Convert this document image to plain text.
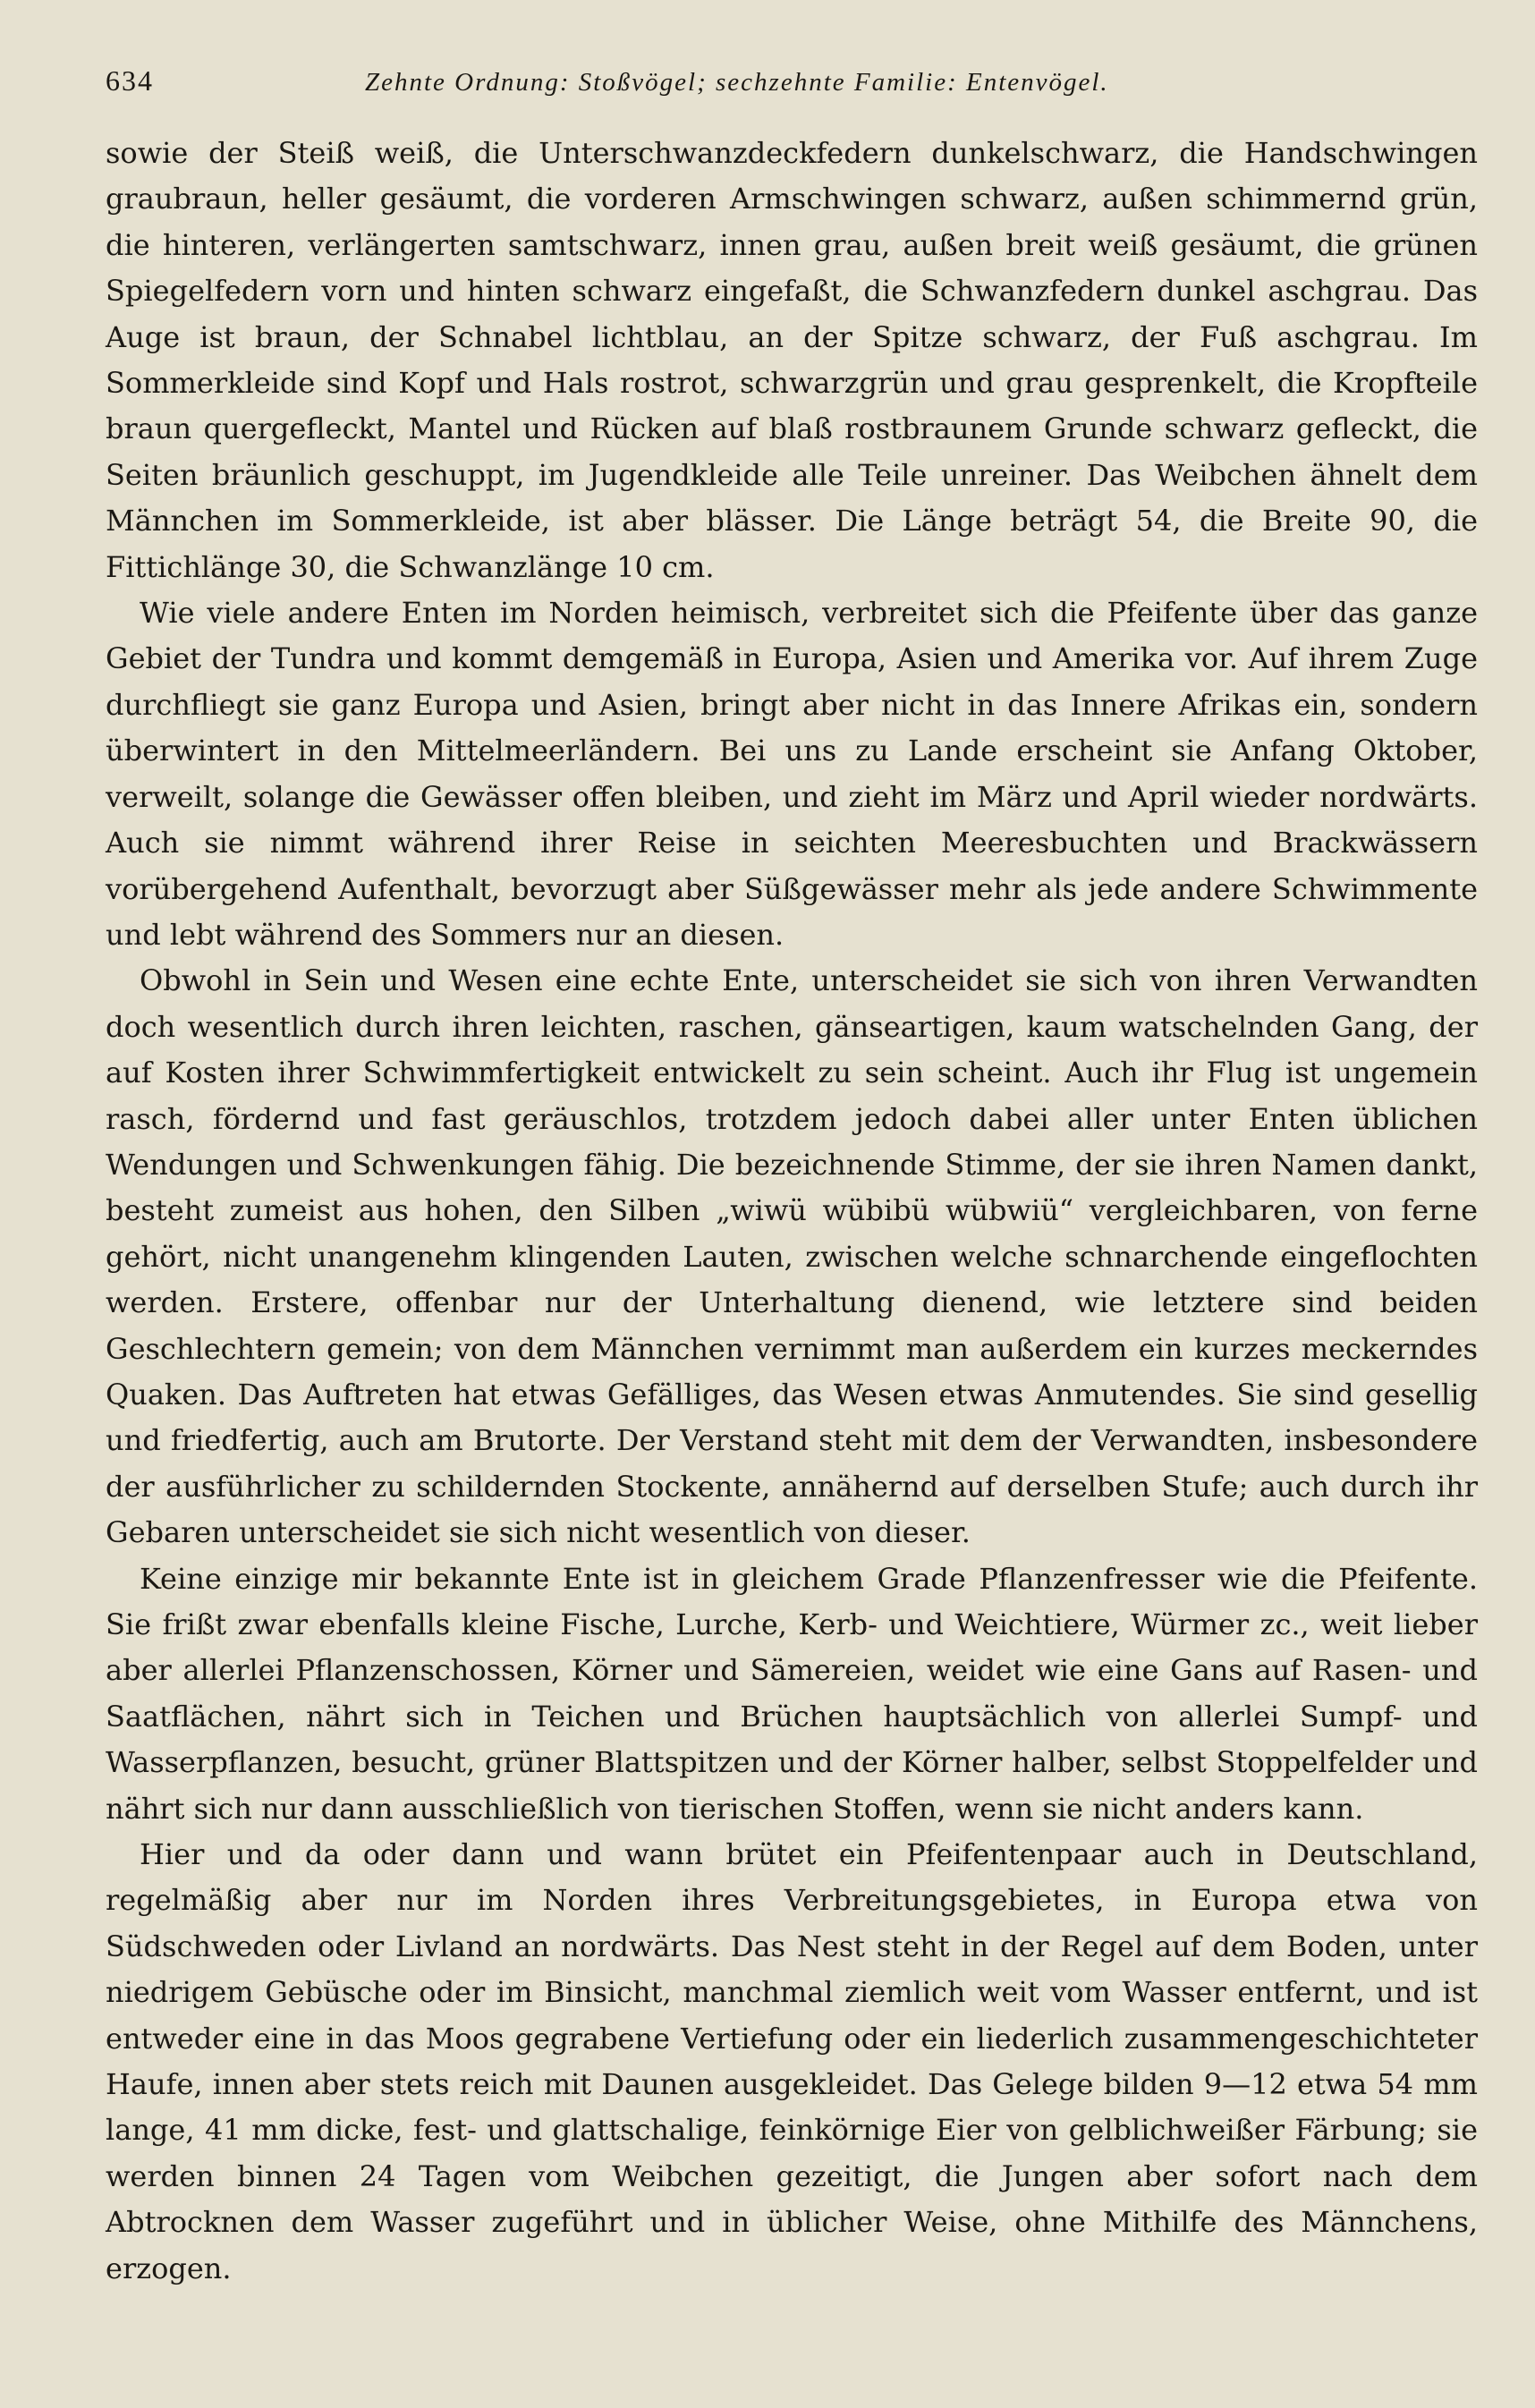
634	Zehnte Ordnung: Stoßvögel; sechzehnte Familie: Entenvögel.

sowie der Steiß weiß, die Unterschwanzdeckfedern dunkelschwarz, die Handschwingen graubraun, heller gesäumt, die vorderen Armschwingen schwarz, außen schimmernd grün, die hinteren, verlängerten samtschwarz, innen grau, außen breit weiß gesäumt, die grünen Spiegelfedern vorn und hinten schwarz eingefaßt, die Schwanzfedern dunkel aschgrau. Das Auge ist braun, der Schnabel lichtblau, an der Spitze schwarz, der Fuß aschgrau. Im Sommerkleide sind Kopf und Hals rostrot, schwarzgrün und grau gesprenkelt, die Kropfteile braun quergefleckt, Mantel und Rücken auf blaß rostbraunem Grunde schwarz gefleckt, die Seiten bräunlich geschuppt, im Jugendkleide alle Teile unreiner. Das Weibchen ähnelt dem Männchen im Sommerkleide, ist aber blässer. Die Länge beträgt 54, die Breite 90, die Fittichlänge 30, die Schwanzlänge 10 cm.

Wie viele andere Enten im Norden heimisch, verbreitet sich die Pfeifente über das ganze Gebiet der Tundra und kommt demgemäß in Europa, Asien und Amerika vor. Auf ihrem Zuge durchfliegt sie ganz Europa und Asien, bringt aber nicht in das Innere Afrikas ein, sondern überwintert in den Mittelmeerländern. Bei uns zu Lande erscheint sie Anfang Oktober, verweilt, solange die Gewässer offen bleiben, und zieht im März und April wieder nordwärts. Auch sie nimmt während ihrer Reise in seichten Meeresbuchten und Brackwässern vorübergehend Aufenthalt, bevorzugt aber Süßgewässer mehr als jede andere Schwimmente und lebt während des Sommers nur an diesen.

Obwohl in Sein und Wesen eine echte Ente, unterscheidet sie sich von ihren Verwandten doch wesentlich durch ihren leichten, raschen, gänseartigen, kaum watschelnden Gang, der auf Kosten ihrer Schwimmfertigkeit entwickelt zu sein scheint. Auch ihr Flug ist ungemein rasch, fördernd und fast geräuschlos, trotzdem jedoch dabei aller unter Enten üblichen Wendungen und Schwenkungen fähig. Die bezeichnende Stimme, der sie ihren Namen dankt, besteht zumeist aus hohen, den Silben „wiwü wübibü wübwiü“ vergleichbaren, von ferne gehört, nicht unangenehm klingenden Lauten, zwischen welche schnarchende eingeflochten werden. Erstere, offenbar nur der Unterhaltung dienend, wie letztere sind beiden Geschlechtern gemein; von dem Männchen vernimmt man außerdem ein kurzes meckerndes Quaken. Das Auftreten hat etwas Gefälliges, das Wesen etwas Anmutendes. Sie sind gesellig und friedfertig, auch am Brutorte. Der Verstand steht mit dem der Verwandten, insbesondere der ausführlicher zu schildernden Stockente, annähernd auf derselben Stufe; auch durch ihr Gebaren unterscheidet sie sich nicht wesentlich von dieser.

Keine einzige mir bekannte Ente ist in gleichem Grade Pflanzenfresser wie die Pfeifente. Sie frißt zwar ebenfalls kleine Fische, Lurche, Kerb- und Weichtiere, Würmer zc., weit lieber aber allerlei Pflanzenschossen, Körner und Sämereien, weidet wie eine Gans auf Rasen- und Saatflächen, nährt sich in Teichen und Brüchen hauptsächlich von allerlei Sumpf- und Wasserpflanzen, besucht, grüner Blattspitzen und der Körner halber, selbst Stoppelfelder und nährt sich nur dann ausschließlich von tierischen Stoffen, wenn sie nicht anders kann.

Hier und da oder dann und wann brütet ein Pfeifentenpaar auch in Deutschland, regelmäßig aber nur im Norden ihres Verbreitungsgebietes, in Europa etwa von Südschweden oder Livland an nordwärts. Das Nest steht in der Regel auf dem Boden, unter niedrigem Gebüsche oder im Binsicht, manchmal ziemlich weit vom Wasser entfernt, und ist entweder eine in das Moos gegrabene Vertiefung oder ein liederlich zusammengeschichteter Haufe, innen aber stets reich mit Daunen ausgekleidet. Das Gelege bilden 9—12 etwa 54 mm lange, 41 mm dicke, fest- und glattschalige, feinkörnige Eier von gelblichweißer Färbung; sie werden binnen 24 Tagen vom Weibchen gezeitigt, die Jungen aber sofort nach dem Abtrocknen dem Wasser zugeführt und in üblicher Weise, ohne Mithilfe des Männchens, erzogen.
